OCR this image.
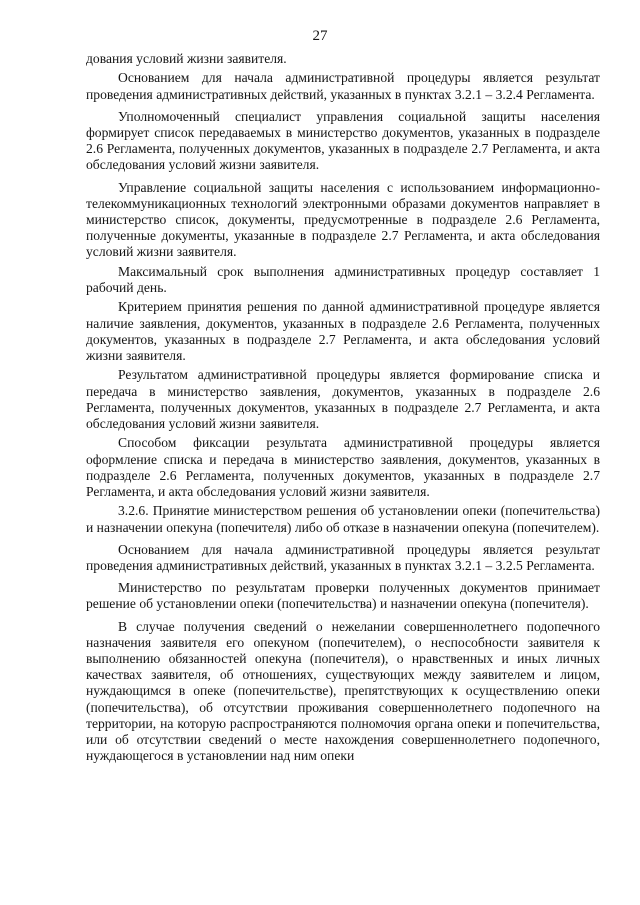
27

дования условий жизни заявителя.

Основанием для начала административной процедуры является результат проведения административных действий, указанных в пунктах 3.2.1 – 3.2.4 Регламента.

Уполномоченный специалист управления социальной защиты населения формирует список передаваемых в министерство документов, указанных в подразделе 2.6 Регламента, полученных документов, указанных в подразделе 2.7 Регламента, и акта обследования условий жизни заявителя.

Управление социальной защиты населения с использованием информационно-телекоммуникационных технологий электронными образами документов направляет в министерство список, документы, предусмотренные в подразделе 2.6 Регламента, полученные документы, указанные в подразделе 2.7 Регламента, и акта обследования условий жизни заявителя.

Максимальный срок выполнения административных процедур составляет 1 рабочий день.

Критерием принятия решения по данной административной процедуре является наличие заявления, документов, указанных в подразделе 2.6 Регламента, полученных документов, указанных в подразделе 2.7 Регламента, и акта обследования условий жизни заявителя.

Результатом административной процедуры является формирование списка и передача в министерство заявления, документов, указанных в подразделе 2.6 Регламента, полученных документов, указанных в подразделе 2.7 Регламента, и акта обследования условий жизни заявителя.

Способом фиксации результата административной процедуры является оформление списка и передача в министерство заявления, документов, указанных в подразделе 2.6 Регламента, полученных документов, указанных в подразделе 2.7 Регламента, и акта обследования условий жизни заявителя.

3.2.6. Принятие министерством решения об установлении опеки (попечительства) и назначении опекуна (попечителя) либо об отказе в назначении опекуна (попечителем).

Основанием для начала административной процедуры является результат проведения административных действий, указанных в пунктах 3.2.1 – 3.2.5 Регламента.

Министерство по результатам проверки полученных документов принимает решение об установлении опеки (попечительства) и назначении опекуна (попечителя).

В случае получения сведений о нежелании совершеннолетнего подопечного назначения заявителя его опекуном (попечителем), о неспособности заявителя к выполнению обязанностей опекуна (попечителя), о нравственных и иных личных качествах заявителя, об отношениях, существующих между заявителем и лицом, нуждающимся в опеке (попечительстве), препятствующих к осуществлению опеки (попечительства), об отсутствии проживания совершеннолетнего подопечного на территории, на которую распространяются полномочия органа опеки и попечительства, или об отсутствии сведений о месте нахождения совершеннолетнего подопечного, нуждающегося в установлении над ним опеки
